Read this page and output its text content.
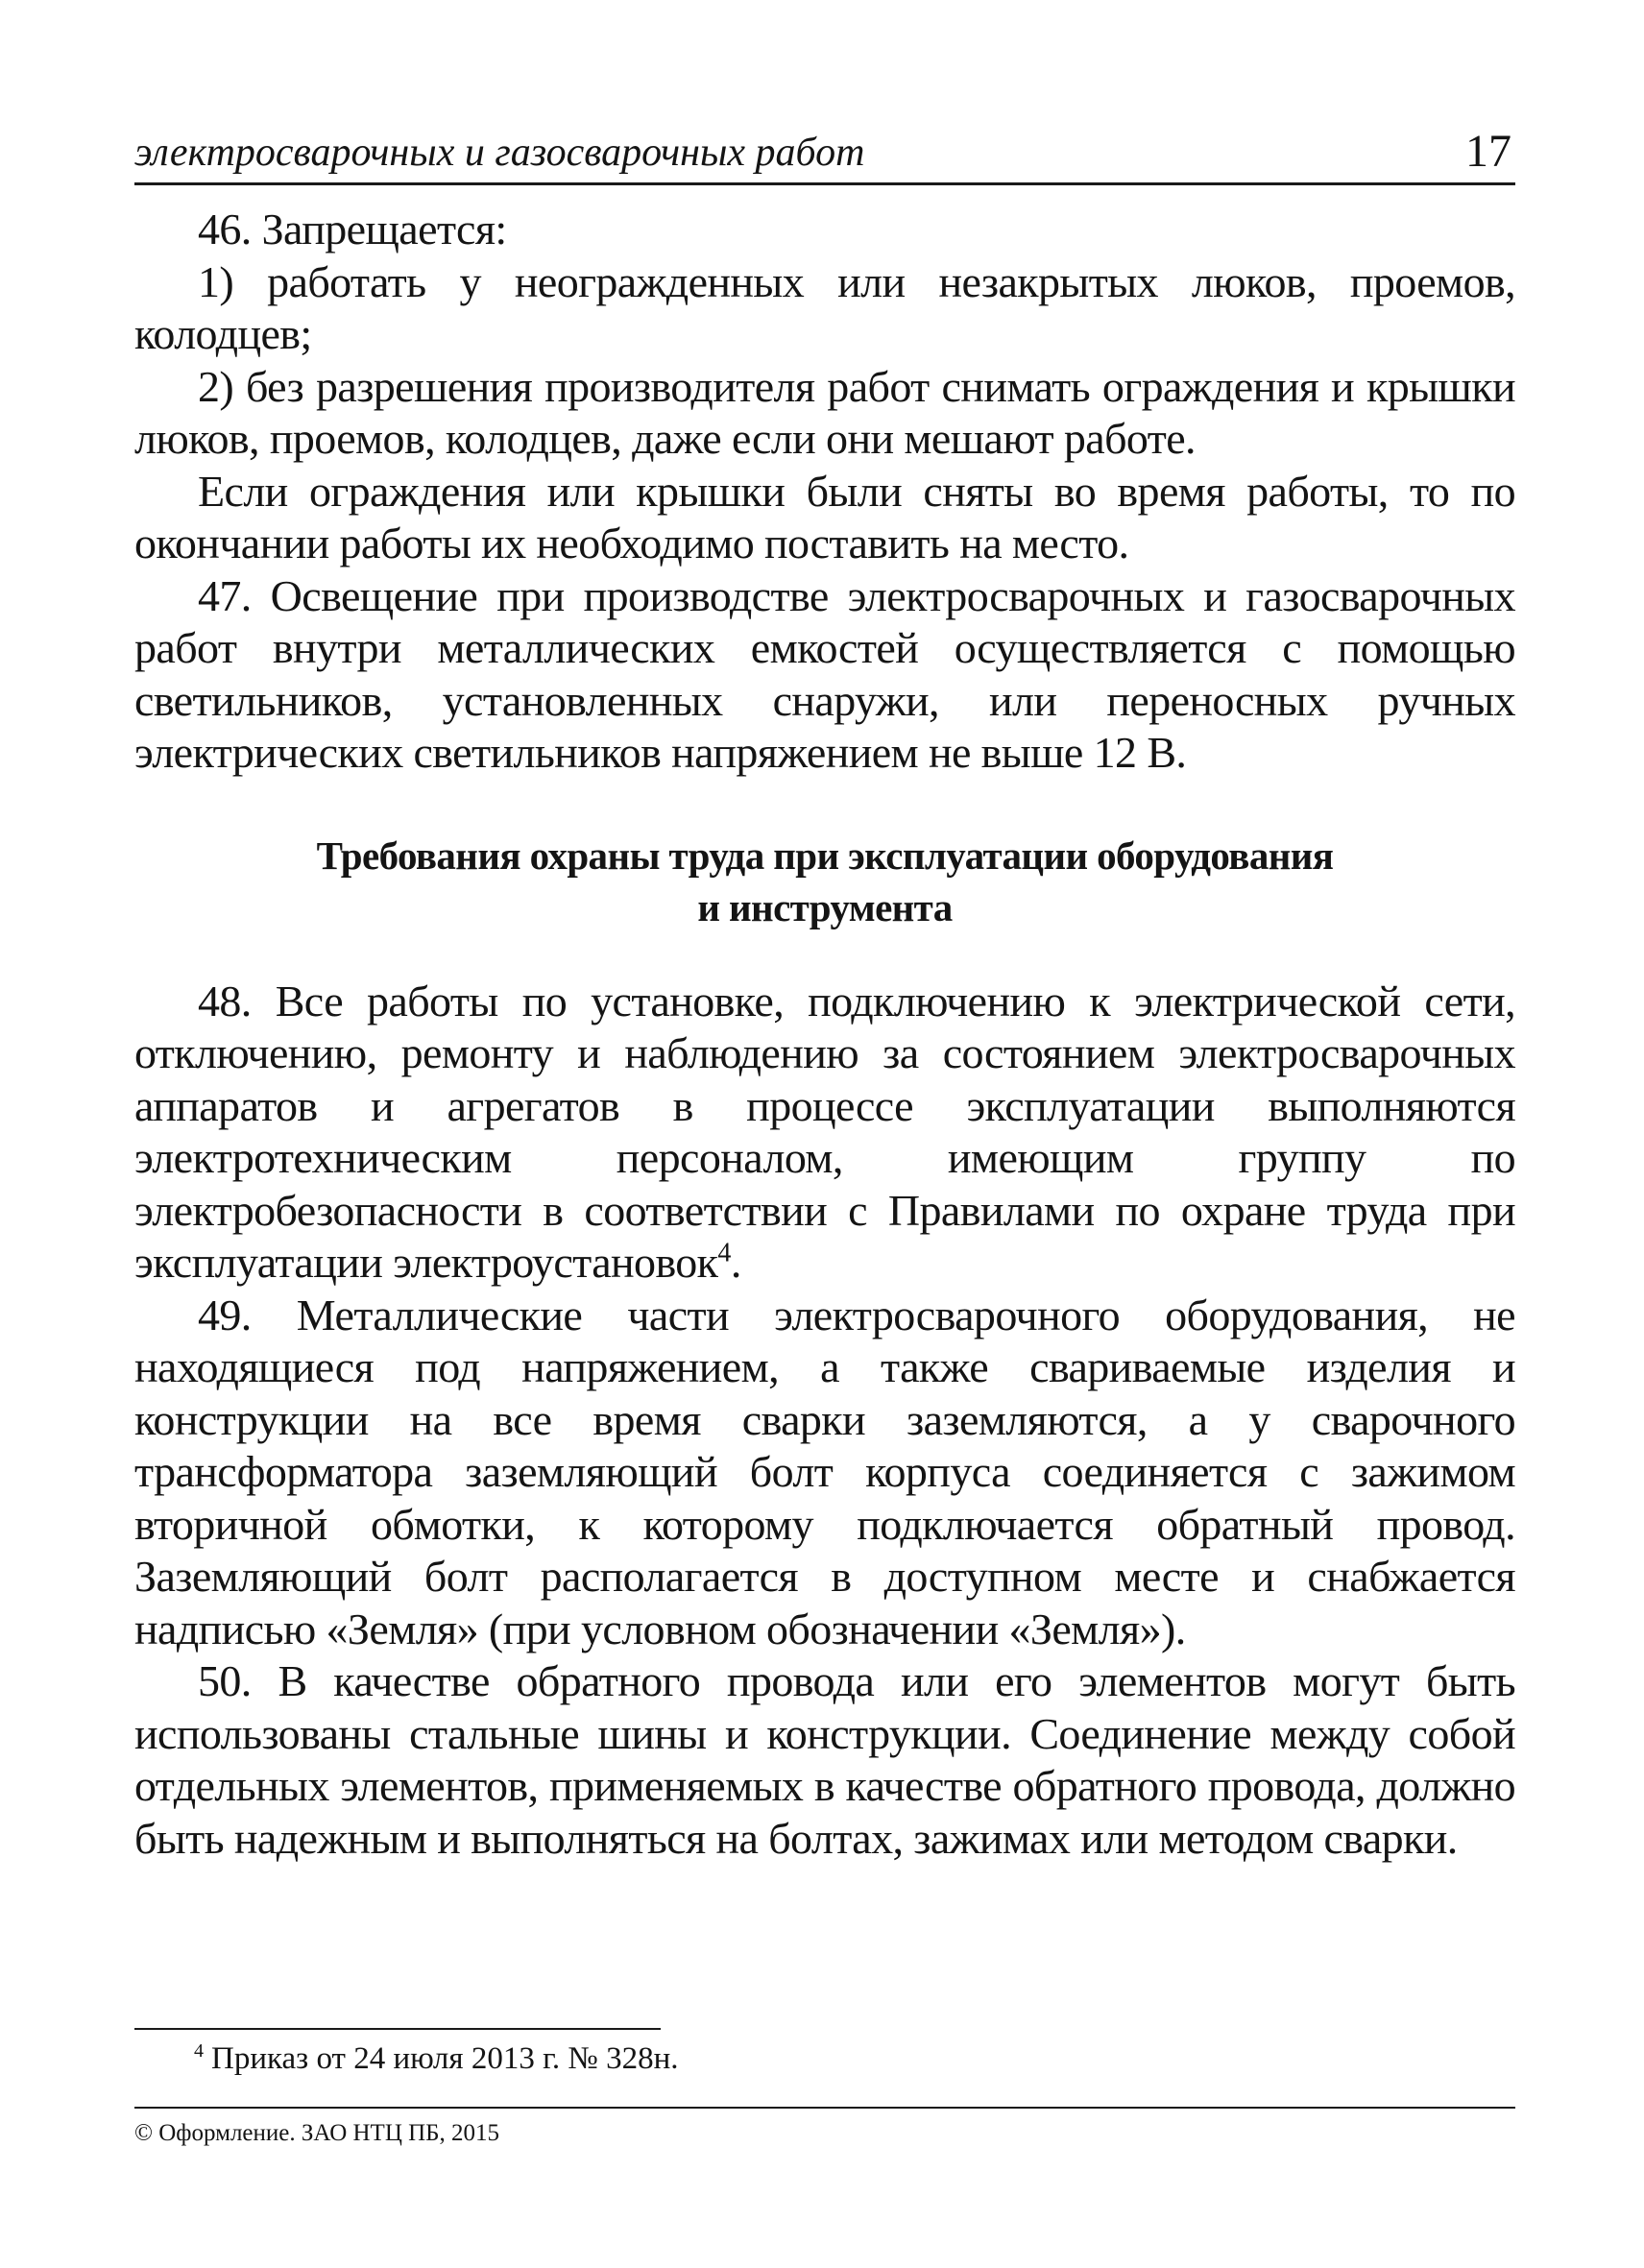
электросварочных и газосварочных работ	17

46. Запрещается:

1) работать у неогражденных или незакрытых люков, проемов, колодцев;

2) без разрешения производителя работ снимать ограждения и крышки люков, проемов, колодцев, даже если они мешают работе.

Если ограждения или крышки были сняты во время работы, то по окончании работы их необходимо поставить на место.

47. Освещение при производстве электросварочных и газоcварочных работ внутри металлических емкостей осуществляется с помощью светильников, установленных снаружи, или переносных ручных электрических светильников напряжением не выше 12 В.

Требования охраны труда при эксплуатации оборудования
и инструмента

48. Все работы по установке, подключению к электрической сети, отключению, ремонту и наблюдению за состоянием электросварочных аппаратов и агрегатов в процессе эксплуатации выполняются электротехническим персоналом, имеющим группу по электробезопасности в соответствии с Правилами по охране труда при эксплуатации электроустановок$^4$.

49. Металлические части электросварочного оборудования, не находящиеся под напряжением, а также свариваемые изделия и конструкции на все время сварки заземляются, а у сварочного трансформатора заземляющий болт корпуса соединяется с зажимом вторичной обмотки, к которому подключается обратный провод. Заземляющий болт располагается в доступном месте и снабжается надписью «Земля» (при условном обозначении «Земля»).

50. В качестве обратного провода или его элементов могут быть использованы стальные шины и конструкции. Соединение между собой отдельных элементов, применяемых в качестве обратного провода, должно быть надежным и выполняться на болтах, зажимах или методом сварки.

$^4$ Приказ от 24 июля 2013 г. № 328н.
© Оформление. ЗАО НТЦ ПБ, 2015
